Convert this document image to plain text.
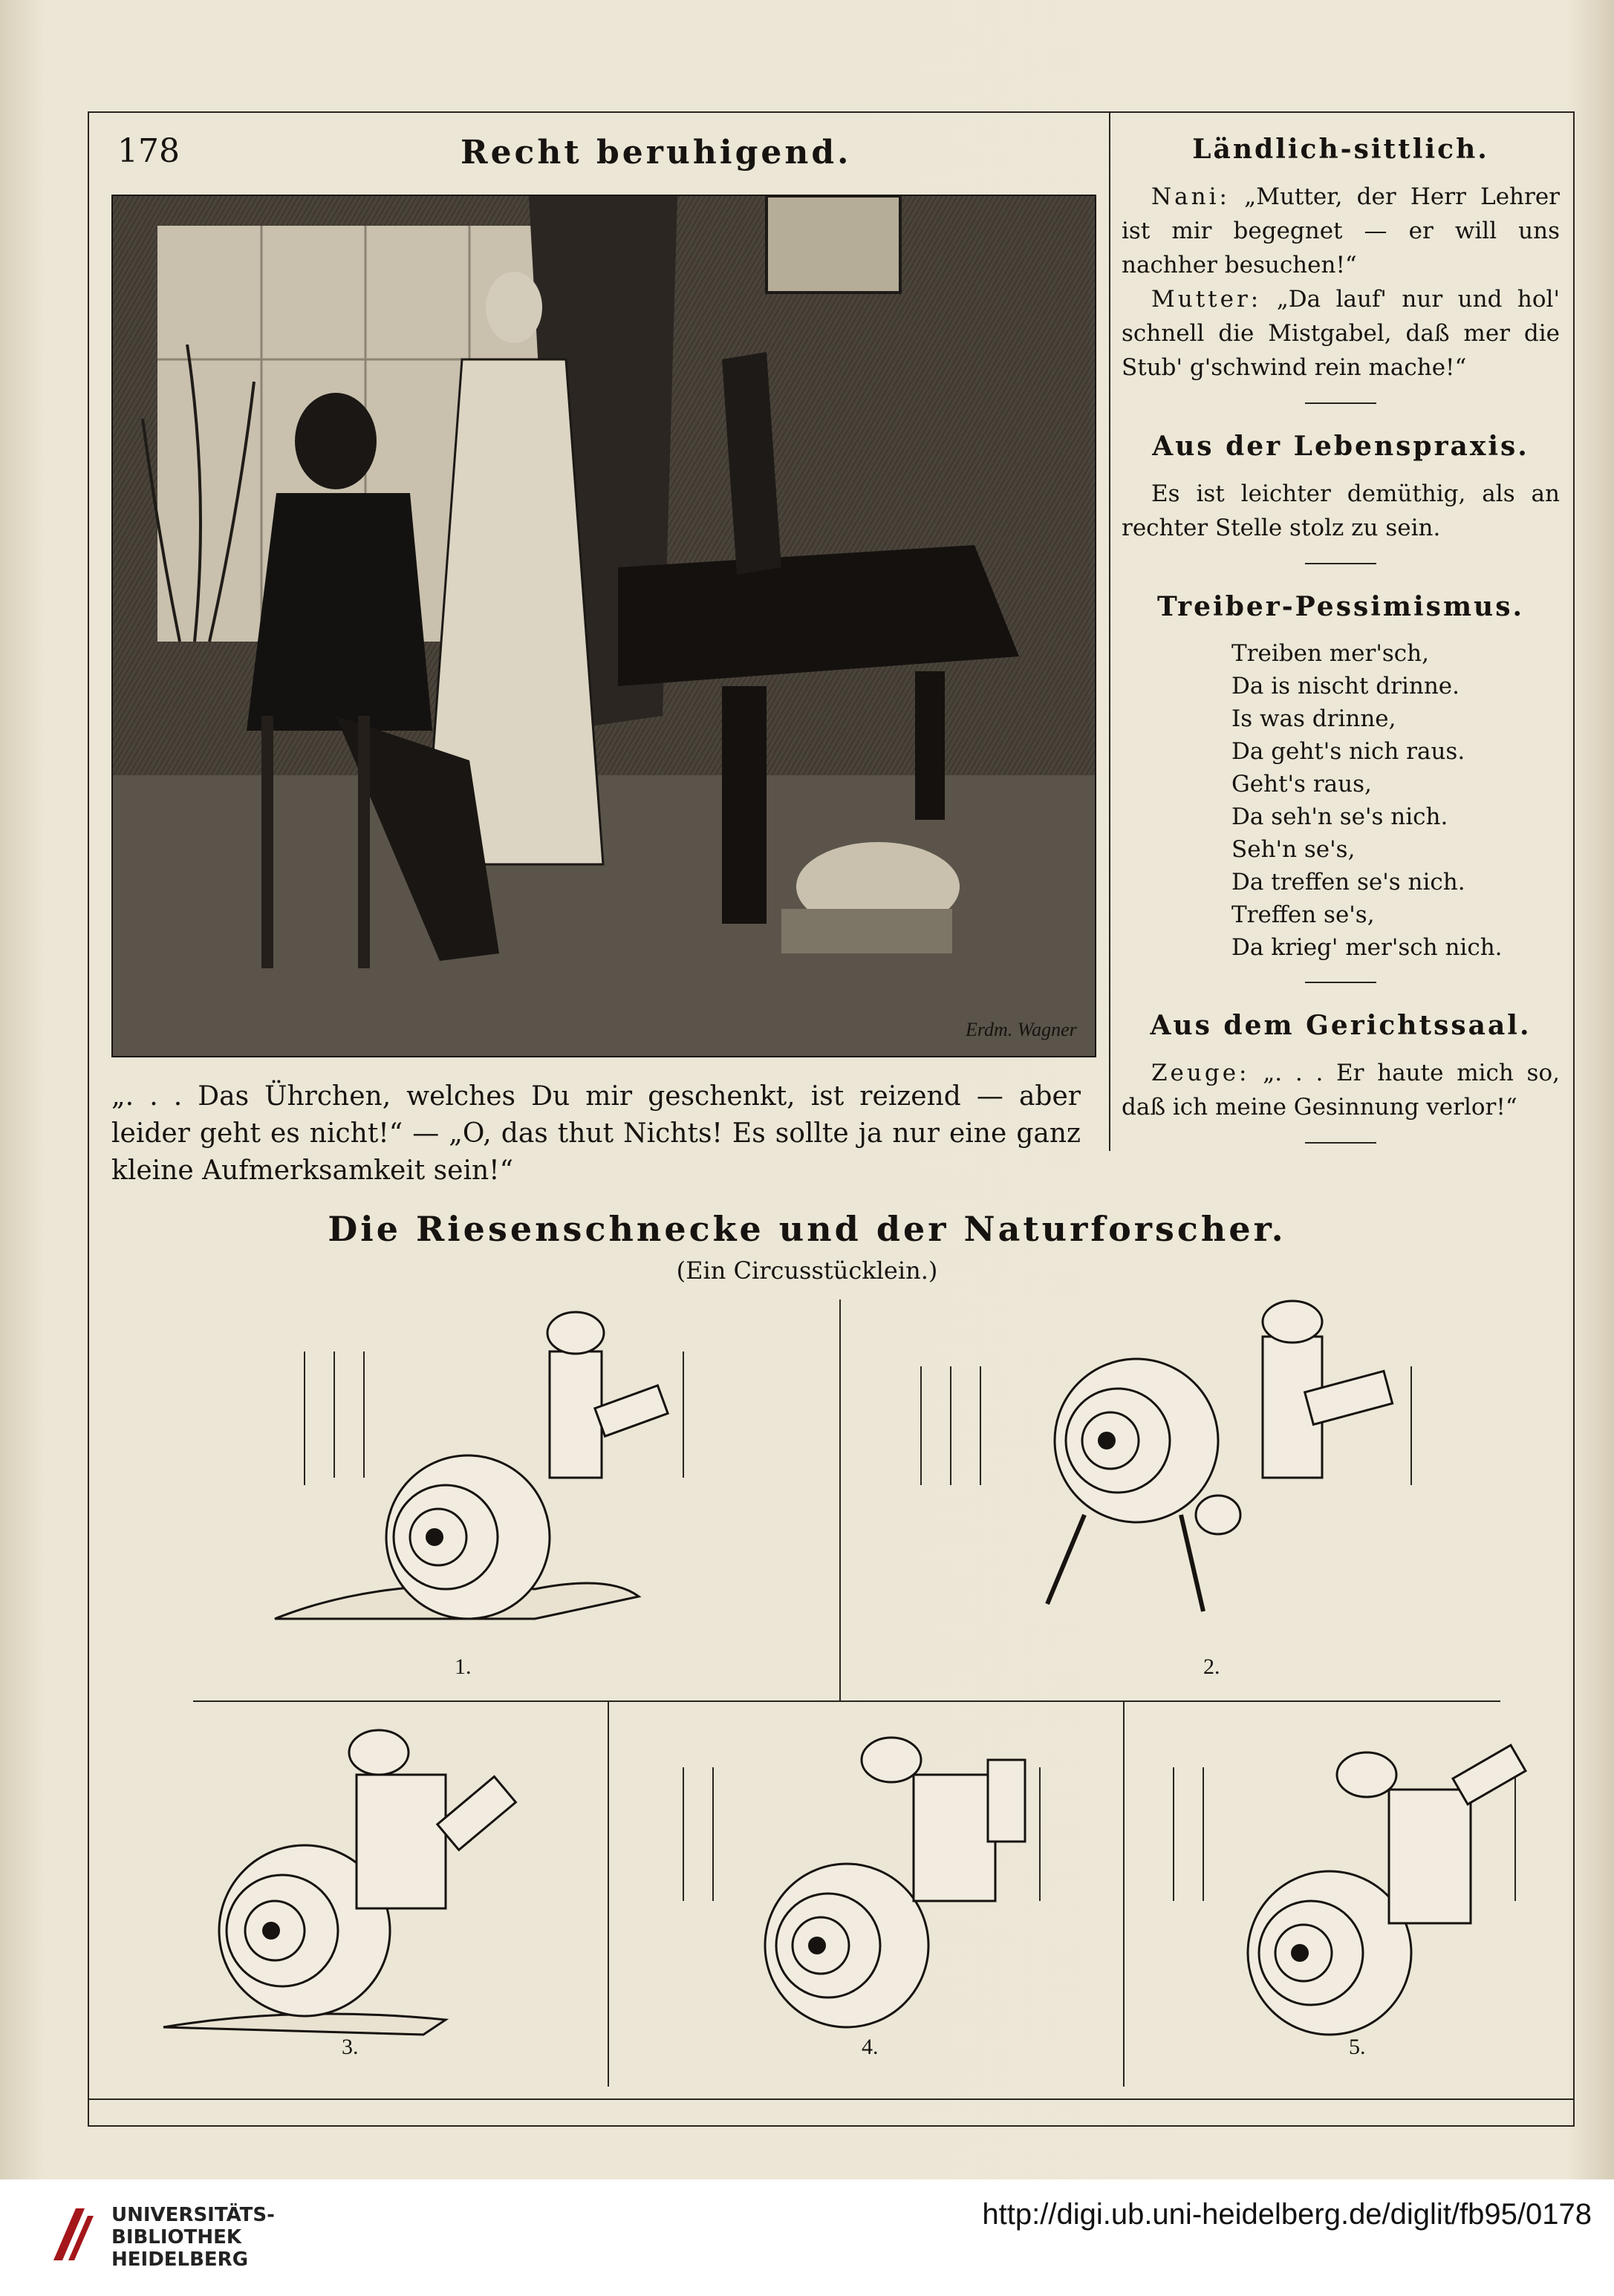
178	Recht beruhigend.
Erdm. Wagner
„. . . Das Ührchen, welches Du mir geschenkt, ist reizend — aber leider geht es nicht!“ — „O, das thut Nichts! Es sollte ja nur eine ganz kleine Aufmerksamkeit sein!“
Ländlich-sittlich.

Nani: „Mutter, der Herr Lehrer ist mir begegnet — er will uns nachher besuchen!“

Mutter: „Da lauf' nur und hol' schnell die Mistgabel, daß mer die Stub' g'schwind rein mache!“

Aus der Lebenspraxis.

Es ist leichter demüthig, als an rechter Stelle stolz zu sein.

Treiber-Pessimismus.
Treiben mer'sch,
Da is nischt drinne.
Is was drinne,
Da geht's nich raus.
Geht's raus,
Da seh'n se's nich.
Seh'n se's,
Da treffen se's nich.
Treffen se's,
Da krieg' mer'sch nich.
Aus dem Gerichtssaal.

Zeuge: „. . . Er haute mich so, daß ich meine Gesinnung verlor!“

Die Riesenschnecke und der Naturforscher.
(Ein Circusstücklein.)
1.	2.
3.	4.	5.
UNIVERSITÄTS-
BIBLIOTHEK
HEIDELBERG
http://digi.ub.uni-heidelberg.de/diglit/fb95/0178
